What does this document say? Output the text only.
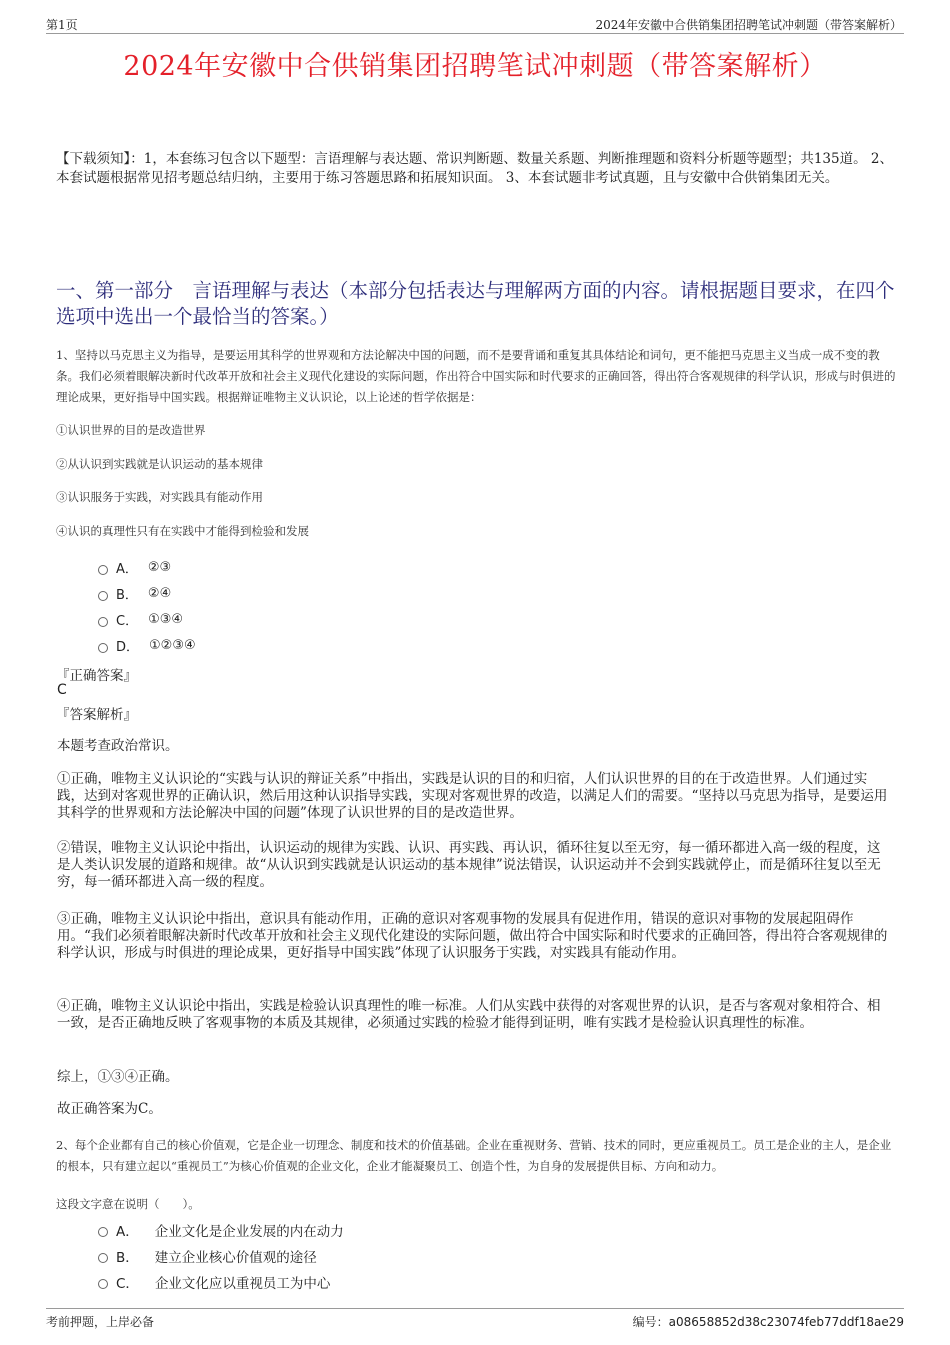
第1页	2024年安徽中合供销集团招聘笔试冲刺题（带答案解析）
2024年安徽中合供销集团招聘笔试冲刺题（带答案解析）
【下载须知】：1，本套练习包含以下题型：言语理解与表达题、常识判断题、数量关系题、判断推理题和资料分析题等题型；共135道。 2、本套试题根据常见招考题总结归纳，主要用于练习答题思路和拓展知识面。 3、本套试题非考试真题，且与安徽中合供销集团无关。
一、第一部分　言语理解与表达（本部分包括表达与理解两方面的内容。请根据题目要求，在四个选项中选出一个最恰当的答案。）
1、坚持以马克思主义为指导，是要运用其科学的世界观和方法论解决中国的问题，而不是要背诵和重复其具体结论和词句，更不能把马克思主义当成一成不变的教条。我们必须着眼解决新时代改革开放和社会主义现代化建设的实际问题，作出符合中国实际和时代要求的正确回答，得出符合客观规律的科学认识，形成与时俱进的理论成果，更好指导中国实践。根据辩证唯物主义认识论，以上论述的哲学依据是：
①认识世界的目的是改造世界
②从认识到实践就是认识运动的基本规律
③认识服务于实践，对实践具有能动作用
④认识的真理性只有在实践中才能得到检验和发展
A． ②③
B． ②④
C． ①③④
D． ①②③④
『正确答案』
C
『答案解析』
本题考查政治常识。
①正确，唯物主义认识论的“实践与认识的辩证关系”中指出，实践是认识的目的和归宿，人们认识世界的目的在于改造世界。人们通过实践，达到对客观世界的正确认识，然后用这种认识指导实践，实现对客观世界的改造，以满足人们的需要。“坚持以马克思为指导，是要运用其科学的世界观和方法论解决中国的问题”体现了认识世界的目的是改造世界。
②错误，唯物主义认识论中指出，认识运动的规律为实践、认识、再实践、再认识，循环往复以至无穷，每一循环都进入高一级的程度，这是人类认识发展的道路和规律。故“从认识到实践就是认识运动的基本规律”说法错误，认识运动并不会到实践就停止，而是循环往复以至无穷，每一循环都进入高一级的程度。
③正确，唯物主义认识论中指出，意识具有能动作用，正确的意识对客观事物的发展具有促进作用，错误的意识对事物的发展起阻碍作用。“我们必须着眼解决新时代改革开放和社会主义现代化建设的实际问题，做出符合中国实际和时代要求的正确回答，得出符合客观规律的科学认识，形成与时俱进的理论成果，更好指导中国实践”体现了认识服务于实践，对实践具有能动作用。
④正确，唯物主义认识论中指出，实践是检验认识真理性的唯一标准。人们从实践中获得的对客观世界的认识，是否与客观对象相符合、相一致，是否正确地反映了客观事物的本质及其规律，必须通过实践的检验才能得到证明，唯有实践才是检验认识真理性的标准。
综上，①③④正确。
故正确答案为C。
2、每个企业都有自己的核心价值观，它是企业一切理念、制度和技术的价值基础。企业在重视财务、营销、技术的同时，更应重视员工。员工是企业的主人，是企业的根本，只有建立起以“重视员工”为核心价值观的企业文化，企业才能凝聚员工、创造个性，为自身的发展提供目标、方向和动力。
这段文字意在说明（　　）。
A． 企业文化是企业发展的内在动力
B． 建立企业核心价值观的途径
C． 企业文化应以重视员工为中心
考前押题，上岸必备	编号：a08658852d38c23074feb77ddf18ae29
